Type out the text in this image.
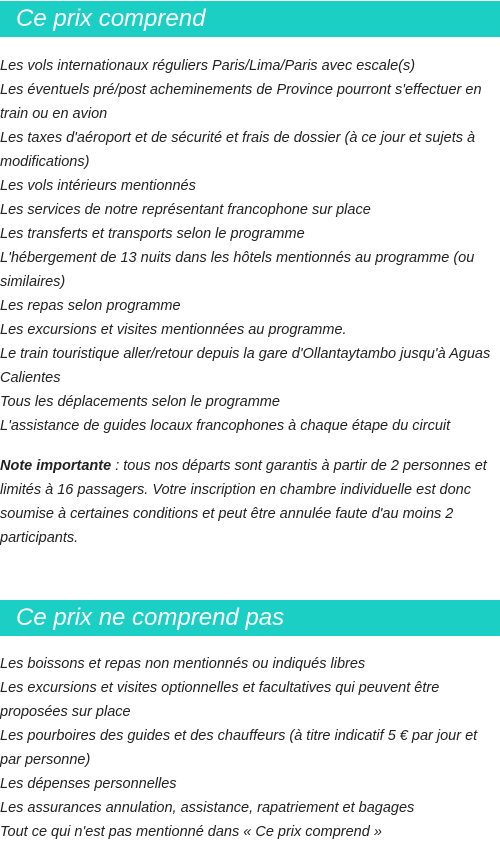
Ce prix comprend
Les vols internationaux réguliers Paris/Lima/Paris avec escale(s)
Les éventuels pré/post acheminements de Province pourront s'effectuer en train ou en avion
Les taxes d'aéroport et de sécurité et frais de dossier (à ce jour et sujets à modifications)
Les vols intérieurs mentionnés
Les services de notre représentant francophone sur place
Les transferts et transports selon le programme
L'hébergement de 13 nuits dans les hôtels mentionnés au programme (ou similaires)
Les repas selon programme
Les excursions et visites mentionnées au programme.
Le train touristique aller/retour depuis la gare d'Ollantaytambo jusqu'à Aguas Calientes
Tous les déplacements selon le programme
L'assistance de guides locaux francophones à chaque étape du circuit

Note importante : tous nos départs sont garantis à partir de 2 personnes et limités à 16 passagers. Votre inscription en chambre individuelle est donc soumise à certaines conditions et peut être annulée faute d'au moins 2 participants.

Ce prix ne comprend pas
Les boissons et repas non mentionnés ou indiqués libres
Les excursions et visites optionnelles et facultatives qui peuvent être proposées sur place
Les pourboires des guides et des chauffeurs (à titre indicatif 5 € par jour et par personne)
Les dépenses personnelles
Les assurances annulation, assistance, rapatriement et bagages
Tout ce qui n'est pas mentionné dans « Ce prix comprend »
